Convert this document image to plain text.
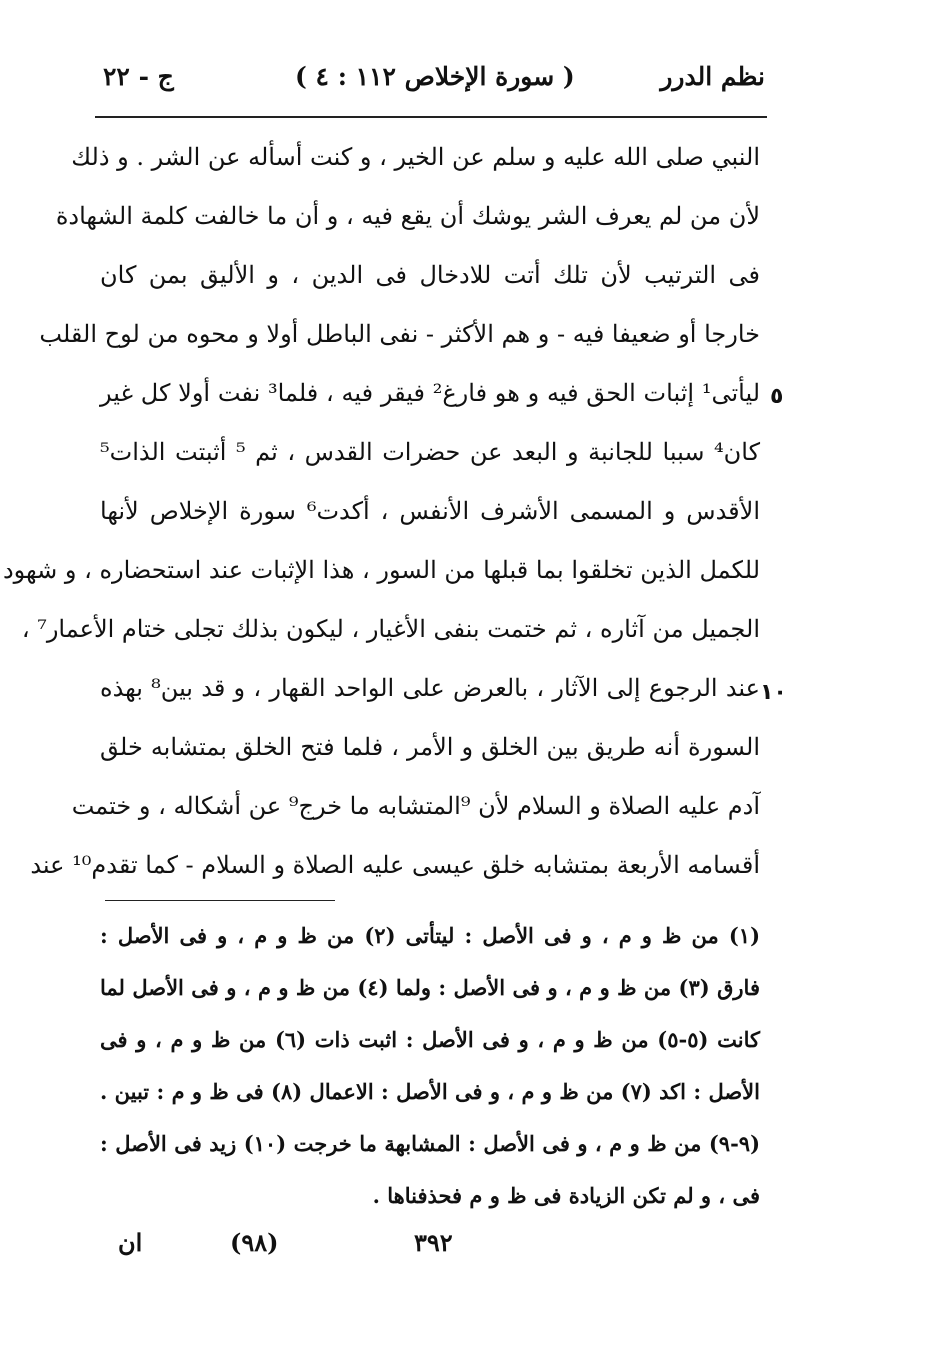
نظم الدرر
( سورة الإخلاص ١١٢ : ٤ )
ج - ٢٢
النبي صلى الله عليه و سلم عن الخير ، و كنت أسأله عن الشر . و ذلك
لأن من لم يعرف الشر يوشك أن يقع فيه ، و أن ما خالفت كلمة الشهادة
فى الترتيب لأن تلك أتت للادخال فى الدين ، و الأليق بمن كان
خارجا أو ضعيفا فيه - و هم الأكثر - نفى الباطل أولا و محوه من لوح القلب
ليأتى¹ إثبات الحق فيه و هو فارغ² فيقر فيه ، فلما³ نفت أولا كل غير
كان⁴ سببا للجانبة و البعد عن حضرات القدس ، ثم ⁵ أثبتت الذات⁵
الأقدس و المسمى الأشرف الأنفس ، أكدت⁶ سورة الإخلاص لأنها
للكمل الذين تخلقوا بما قبلها من السور ، هذا الإثبات عند استحضاره ، و شهود
الجميل من آثاره ، ثم ختمت بنفى الأغيار ، ليكون بذلك تجلى ختام الأعمار⁷ ،
عند الرجوع إلى الآثار ، بالعرض على الواحد القهار ، و قد بين⁸ بهذه
السورة أنه طريق بين الخلق و الأمر ، فلما فتح الخلق بمتشابه خلق
آدم عليه الصلاة و السلام لأن ⁹المتشابه ما خرج⁹ عن أشكاله ، و ختمت
أقسامه الأربعة بمتشابه خلق عيسى عليه الصلاة و السلام - كما تقدم¹⁰ عند
٥
١٠
(١) من ظ و م ، و فى الأصل : ليتأتى (٢) من ظ و م ، و فى الأصل :
فارق (٣) من ظ و م ، و فى الأصل : ولما (٤) من ظ و م ، و فى الأصل لما
كانت (٥-٥) من ظ و م ، و فى الأصل : اثبت ذات (٦) من ظ و م ، و فى
الأصل : اكد (٧) من ظ و م ، و فى الأصل : الاعمال (٨) فى ظ و م : تبين .
(٩-٩) من ظ و م ، و فى الأصل : المشابهة ما خرجت (١٠) زيد فى الأصل :
فى ، و لم تكن الزيادة فى ظ و م فحذفناها .
ان	(٩٨)	٣٩٢
